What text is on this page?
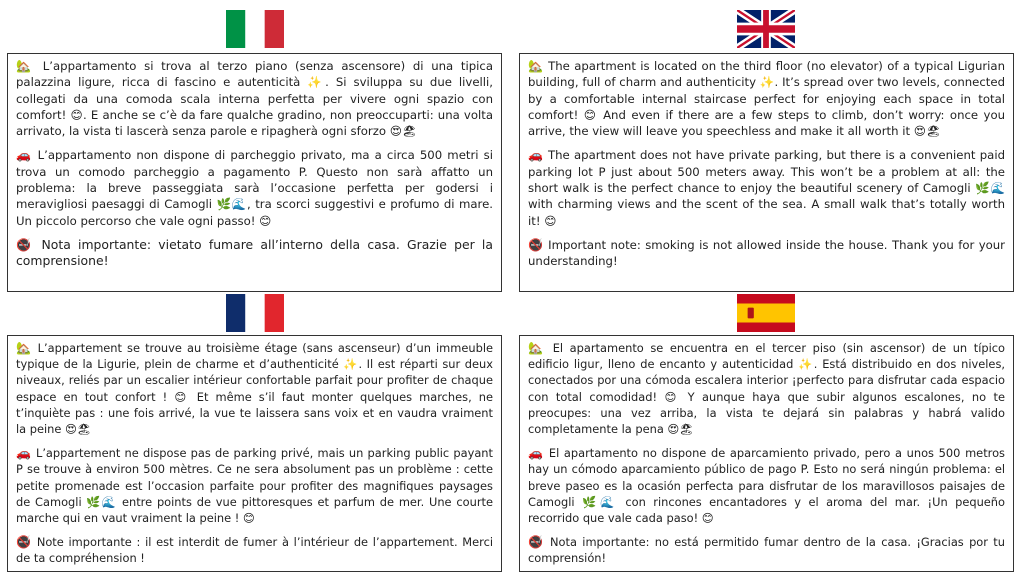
🏡 L’appartamento si trova al terzo piano (senza ascensore) di una tipica palazzina ligure, ricca di fascino e autenticità ✨. Si sviluppa su due livelli, collegati da una comoda scala interna perfetta per vivere ogni spazio con comfort! 😊. E anche se c’è da fare qualche gradino, non preoccuparti: una volta arrivato, la vista ti lascerà senza parole e ripagherà ogni sforzo 😍🏖

🚗 L’appartamento non dispone di parcheggio privato, ma a circa 500 metri si trova un comodo parcheggio a pagamento P. Questo non sarà affatto un problema: la breve passeggiata sarà l’occasione perfetta per godersi i meravigliosi paesaggi di Camogli 🌿🌊, tra scorci suggestivi e profumo di mare. Un piccolo percorso che vale ogni passo! 😊

🚭 Nota importante: vietato fumare all’interno della casa. Grazie per la comprensione!

🏡 The apartment is located on the third floor (no elevator) of a typical Ligurian building, full of charm and authenticity ✨. It’s spread over two levels, connected by a comfortable internal staircase perfect for enjoying each space in total comfort! 😊 And even if there are a few steps to climb, don’t worry: once you arrive, the view will leave you speechless and make it all worth it 😍🏖

🚗 The apartment does not have private parking, but there is a convenient paid parking lot P just about 500 meters away. This won’t be a problem at all: the short walk is the perfect chance to enjoy the beautiful scenery of Camogli 🌿🌊 with charming views and the scent of the sea. A small walk that’s totally worth it! 😊

🚭 Important note: smoking is not allowed inside the house. Thank you for your understanding!

🏡 L’appartement se trouve au troisième étage (sans ascenseur) d’un immeuble typique de la Ligurie, plein de charme et d’authenticité ✨. Il est réparti sur deux niveaux, reliés par un escalier intérieur confortable parfait pour profiter de chaque espace en tout confort ! 😊 Et même s’il faut monter quelques marches, ne t’inquiète pas : une fois arrivé, la vue te laissera sans voix et en vaudra vraiment la peine 😍🏖

🚗 L’appartement ne dispose pas de parking privé, mais un parking public payant P se trouve à environ 500 mètres. Ce ne sera absolument pas un problème : cette petite promenade est l’occasion parfaite pour profiter des magnifiques paysages de Camogli 🌿🌊 entre points de vue pittoresques et parfum de mer. Une courte marche qui en vaut vraiment la peine ! 😊

🚭 Note importante : il est interdit de fumer à l’intérieur de l’appartement. Merci de ta compréhension !

🏡 El apartamento se encuentra en el tercer piso (sin ascensor) de un típico edificio ligur, lleno de encanto y autenticidad ✨. Está distribuido en dos niveles, conectados por una cómoda escalera interior ¡perfecto para disfrutar cada espacio con total comodidad! 😊 Y aunque haya que subir algunos escalones, no te preocupes: una vez arriba, la vista te dejará sin palabras y habrá valido completamente la pena 😍🏖

🚗 El apartamento no dispone de aparcamiento privado, pero a unos 500 metros hay un cómodo aparcamiento público de pago P. Esto no será ningún problema: el breve paseo es la ocasión perfecta para disfrutar de los maravillosos paisajes de Camogli 🌿🌊 con rincones encantadores y el aroma del mar. ¡Un pequeño recorrido que vale cada paso! 😊

🚭 Nota importante: no está permitido fumar dentro de la casa. ¡Gracias por tu comprensión!
